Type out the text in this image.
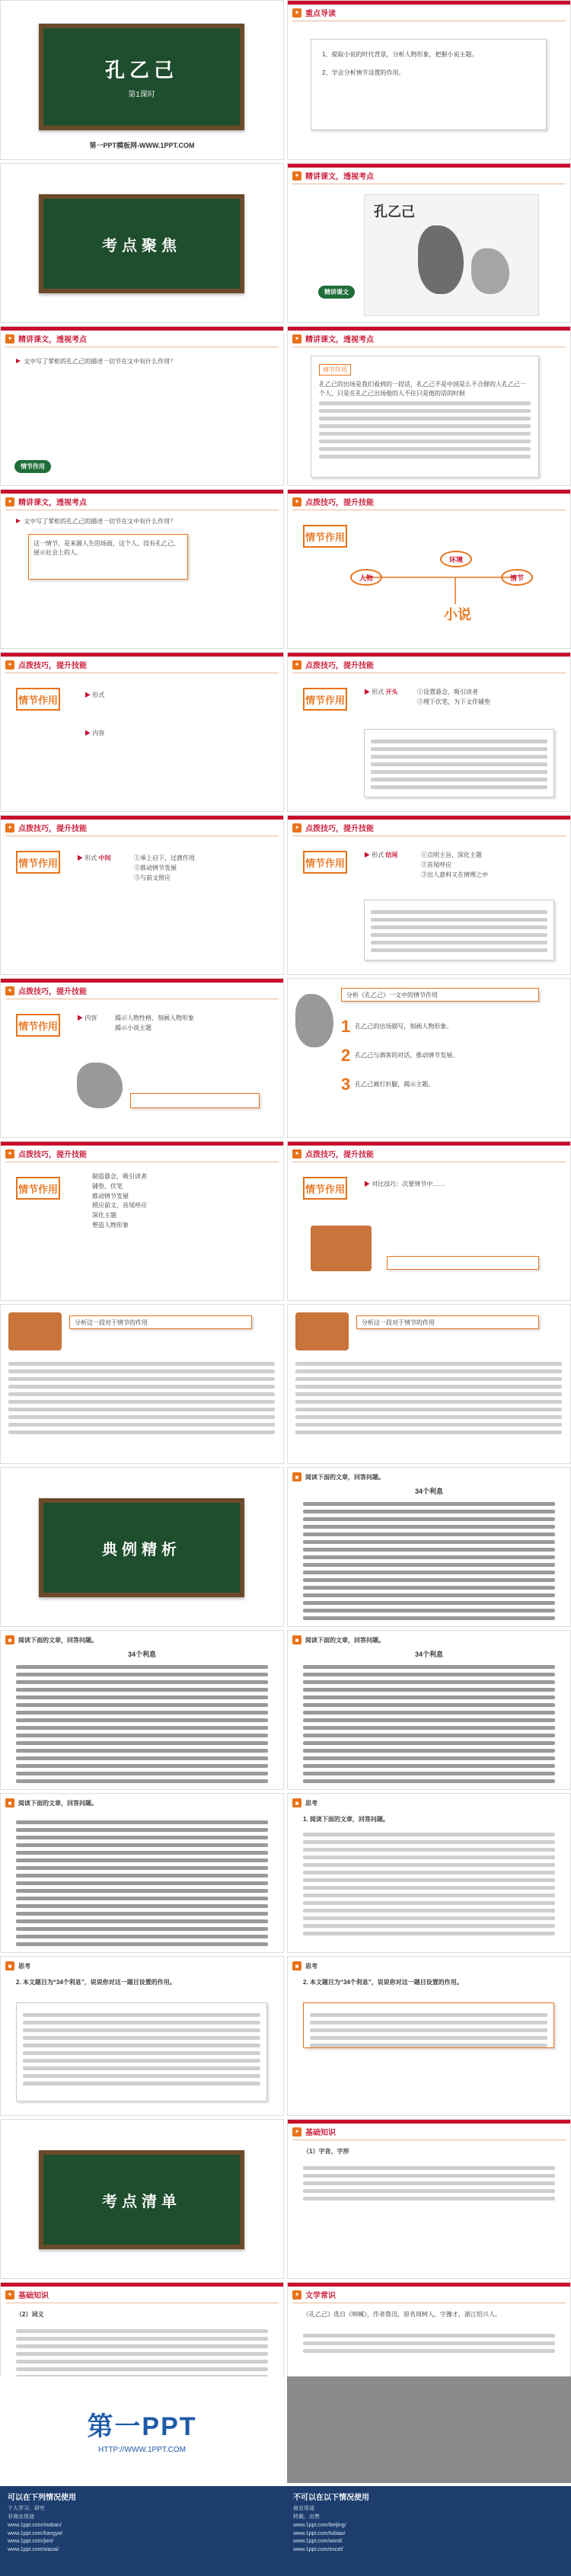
孔乙己
第1课时
第一PPT模板网-WWW.1PPT.COM
✦ 重点导读
1、提取小说的时代背景，分析人物形象，把握小说主题。
2、学会分析情节设置的作用。
考点聚焦
✦ 精讲课文，透视考点
孔乙己
精讲课文
✦ 精讲课文，透视考点
▶ 文中写了掌柜的孔乙己的描述一切节在文中有什么作用？
情节作用
✦ 精讲课文，透视考点
情节作用
孔乙己的出场是我们看到的一段话，孔乙己不是中国是么不合群的人孔乙己一个人，只是在孔乙己出场他的人不住只是他的话的时候
✦ 精讲课文，透视考点
▶ 文中写了掌柜的孔乙己的描述一切节在文中有什么作用？
这一情节，是来源人生的场面，这个人。没有孔乙己，展示社会上的人。
✦ 点拨技巧，提升技能
情节作用
人物
环境
情节
小说
✦ 点拨技巧，提升技能
情节作用	▶ 形式
▶ 内容
✦ 点拨技巧，提升技能
情节作用
▶ 形式 开头	①设置悬念，吸引读者
②埋下伏笔，为下文作铺垫
✦ 点拨技巧，提升技能
情节作用	▶ 形式 中间	①承上启下，过渡作用
②推动情节发展
③与前文照应
✦ 点拨技巧，提升技能
情节作用
▶ 形式 结尾	①点明主旨，深化主题
②首尾呼应
③出人意料又在情理之中
✦ 点拨技巧，提升技能
情节作用
▶ 内容	揭示人物性格、刻画人物形象
揭示小说主题
分析《孔乙己》一文中的情节作用
1 孔乙己的出场描写，刻画人物形象。
2 孔乙己与酒客的对话，推动情节发展。
3 孔乙己被打折腿，揭示主题。
✦ 点拨技巧，提升技能
情节作用
制造悬念，吸引读者
铺垫、伏笔
推动情节发展
照应前文，首尾呼应
深化主题
塑造人物形象
✦ 点拨技巧，提升技能
情节作用	▶ 对比技巧：次要情节中……
分析这一段对于情节的作用	分析这一段对于情节的作用
典例精析
■	阅读下面的文章，回答问题。
34个利息
■	阅读下面的文章，回答问题。
34个利息
■	阅读下面的文章，回答问题。
34个利息
■	阅读下面的文章，回答问题。	■	思考
1. 阅读下面的文章，回答问题。
■	思考
2. 本文题目为“34个利息”，说说你对这一题目设置的作用。
■	思考
2. 本文题目为“34个利息”，说说你对这一题目设置的作用。
考点清单
✦ 基础知识
（1）字音、字形
✦ 基础知识
（2）词义
✦ 文学常识
《孔乙己》选自《呐喊》，作者鲁迅，原名周树人，字豫才，浙江绍兴人。
第一PPT
HTTP://WWW.1PPT.COM
可以在下列情况使用
个人学习、研究
非商业用途
www.1ppt.com/moban/
www.1ppt.com/hangye/
www.1ppt.com/jieri/
www.1ppt.com/xiazai/
不可以在以下情况使用
商业用途
转载、出售
www.1ppt.com/beijing/
www.1ppt.com/tubiao/
www.1ppt.com/word/
www.1ppt.com/excel/
